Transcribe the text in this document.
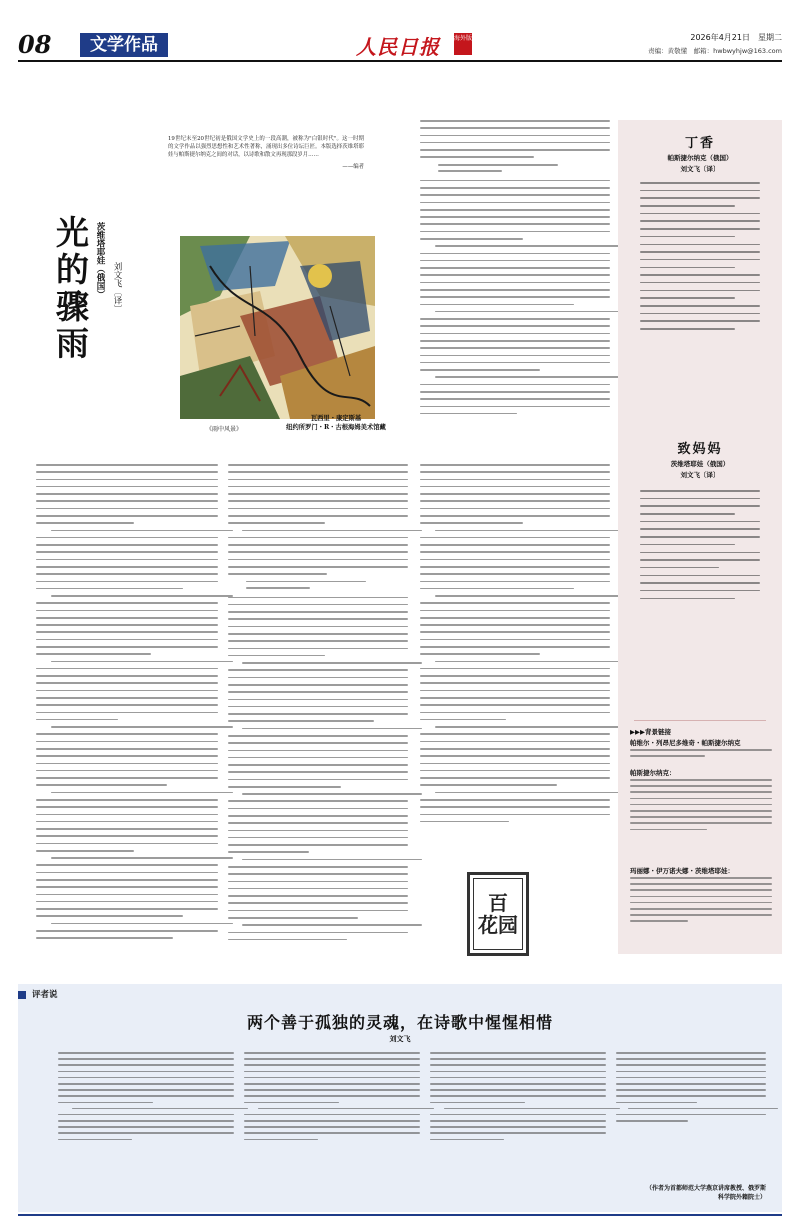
08	文学作品	人民日报 海外版	2026年4月21日　星期二
责编：黄敬懂　邮箱：hwbwyhjw@163.com
光的骤雨 茨维塔耶娃（俄国） 刘文飞〔译〕
19世纪末至20世纪初是俄国文学史上的一段高潮，被称为"白银时代"。这一时期的文学作品以强烈思想性和艺术性著称，涌现出多位诗坛巨匠。本版选择茨维塔耶娃与帕斯捷尔纳克之间的对话，以诗歌和散文再现那段岁月……
——编者
瓦西里・康定斯基
纽约所罗门・R・古根海姆美术馆藏
《雨中风景》
百
花园
丁香
帕斯捷尔纳克（俄国）
刘文飞〔译〕
致妈妈
茨维塔耶娃（俄国）
刘文飞〔译〕
▶▶▶背景链接
帕维尔・列昂尼多维奇・帕斯捷尔纳克
帕斯捷尔纳克：
玛丽娜・伊万诺夫娜・茨维塔耶娃：
评者说
两个善于孤独的灵魂，在诗歌中惺惺相惜
刘文飞
（作者为首都师范大学燕京讲席教授、俄罗斯
科学院外籍院士）
